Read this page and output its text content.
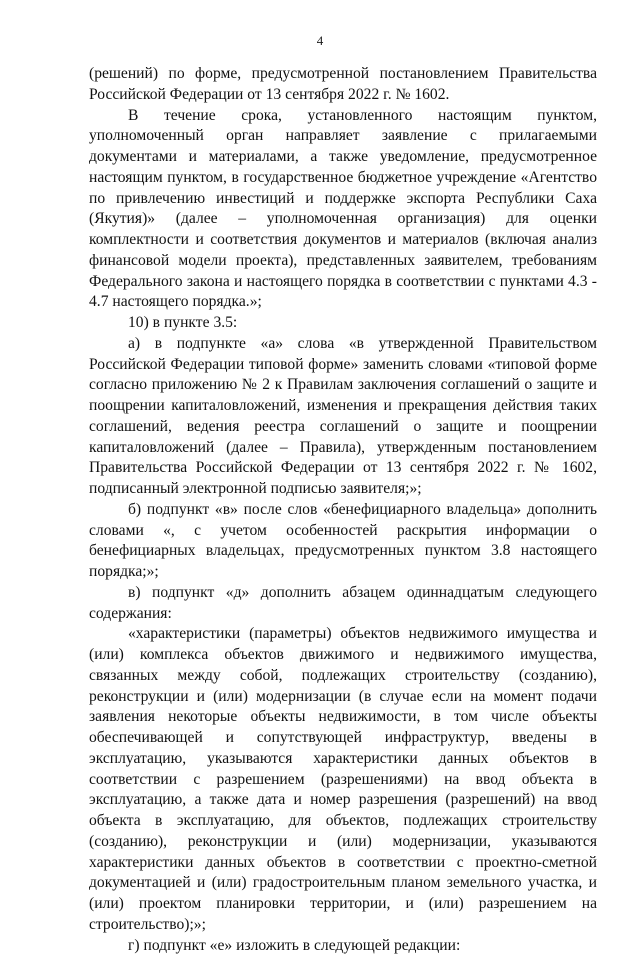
4

(решений) по форме, предусмотренной постановлением Правительства Российской Федерации от 13 сентября 2022 г. № 1602.

В течение срока, установленного настоящим пунктом, уполномоченный орган направляет заявление с прилагаемыми документами и материалами, а также уведомление, предусмотренное настоящим пунктом, в государственное бюджетное учреждение «Агентство по привлечению инвестиций и поддержке экспорта Республики Саха (Якутия)» (далее – уполномоченная организация) для оценки комплектности и соответствия документов и материалов (включая анализ финансовой модели проекта), представленных заявителем, требованиям Федерального закона и настоящего порядка в соответствии с пунктами 4.3 - 4.7 настоящего порядка.»;

10) в пункте 3.5:

а) в подпункте «а» слова «в утвержденной Правительством Российской Федерации типовой форме» заменить словами «типовой форме согласно приложению № 2 к Правилам заключения соглашений о защите и поощрении капиталовложений, изменения и прекращения действия таких соглашений, ведения реестра соглашений о защите и поощрении капиталовложений (далее – Правила), утвержденным постановлением Правительства Российской Федерации от 13 сентября 2022 г. № 1602, подписанный электронной подписью заявителя;»;

б) подпункт «в» после слов «бенефициарного владельца» дополнить словами «, с учетом особенностей раскрытия информации о бенефициарных владельцах, предусмотренных пунктом 3.8 настоящего порядка;»;

в) подпункт «д» дополнить абзацем одиннадцатым следующего содержания:

«характеристики (параметры) объектов недвижимого имущества и (или) комплекса объектов движимого и недвижимого имущества, связанных между собой, подлежащих строительству (созданию), реконструкции и (или) модернизации (в случае если на момент подачи заявления некоторые объекты недвижимости, в том числе объекты обеспечивающей и сопутствующей инфраструктур, введены в эксплуатацию, указываются характеристики данных объектов в соответствии с разрешением (разрешениями) на ввод объекта в эксплуатацию, а также дата и номер разрешения (разрешений) на ввод объекта в эксплуатацию, для объектов, подлежащих строительству (созданию), реконструкции и (или) модернизации, указываются характеристики данных объектов в соответствии с проектно-сметной документацией и (или) градостроительным планом земельного участка, и (или) проектом планировки территории, и (или) разрешением на строительство);»;

г) подпункт «е» изложить в следующей редакции:
